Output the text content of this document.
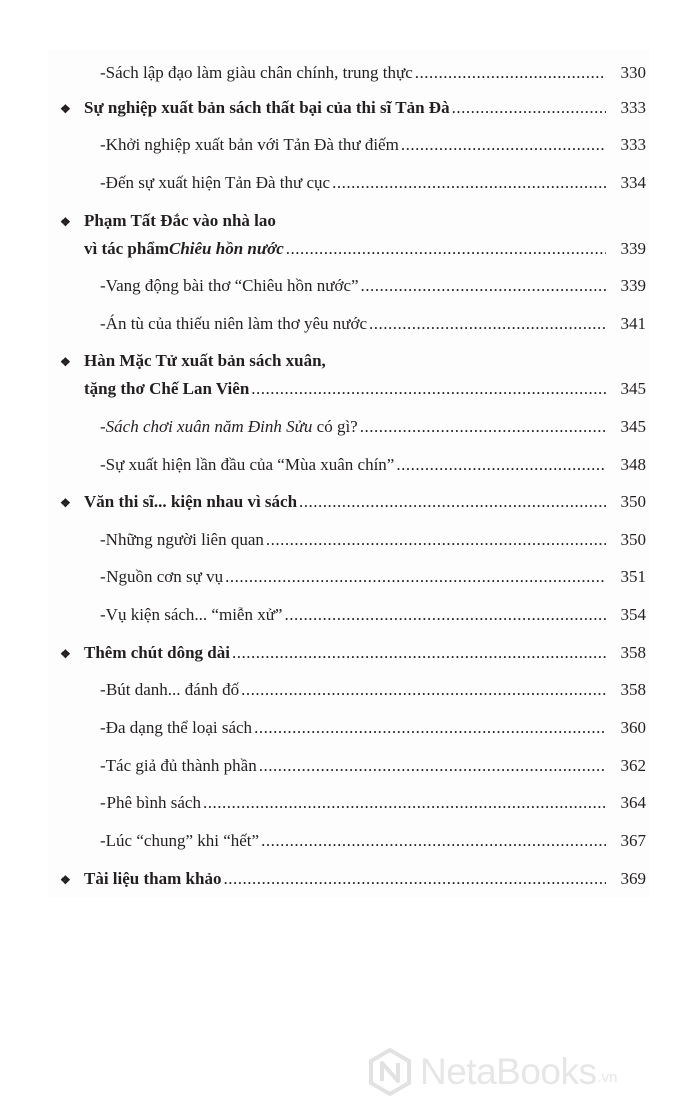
- Sách lập đạo làm giàu chân chính, trung thực .....	330
❖ Sự nghiệp xuất bản sách thất bại của thi sĩ Tản Đà .....	333
- Khởi nghiệp xuất bản với Tản Đà thư điếm .....	333
- Đến sự xuất hiện Tản Đà thư cục .....	334
❖ Phạm Tất Đắc vào nhà lao
vì tác phẩm Chiêu hồn nước .....	339
- Vang động bài thơ “Chiêu hồn nước” .....	339
- Án tù của thiếu niên làm thơ yêu nước .....	341
❖ Hàn Mặc Tử xuất bản sách xuân,
tặng thơ Chế Lan Viên .....	345
- Sách chơi xuân năm Đinh Sửu có gì? .....	345
- Sự xuất hiện lần đầu của “Mùa xuân chín” .....	348
❖ Văn thi sĩ... kiện nhau vì sách .....	350
- Những người liên quan .....	350
- Nguồn cơn sự vụ .....	351
- Vụ kiện sách... “miễn xử” .....	354
❖ Thêm chút dông dài .....	358
- Bút danh... đánh đố .....	358
- Đa dạng thể loại sách .....	360
- Tác giả đủ thành phần .....	362
- Phê bình sách .....	364
- Lúc “chung” khi “hết” .....	367
❖ Tài liệu tham khảo .....	369
NetaBooks .vn
